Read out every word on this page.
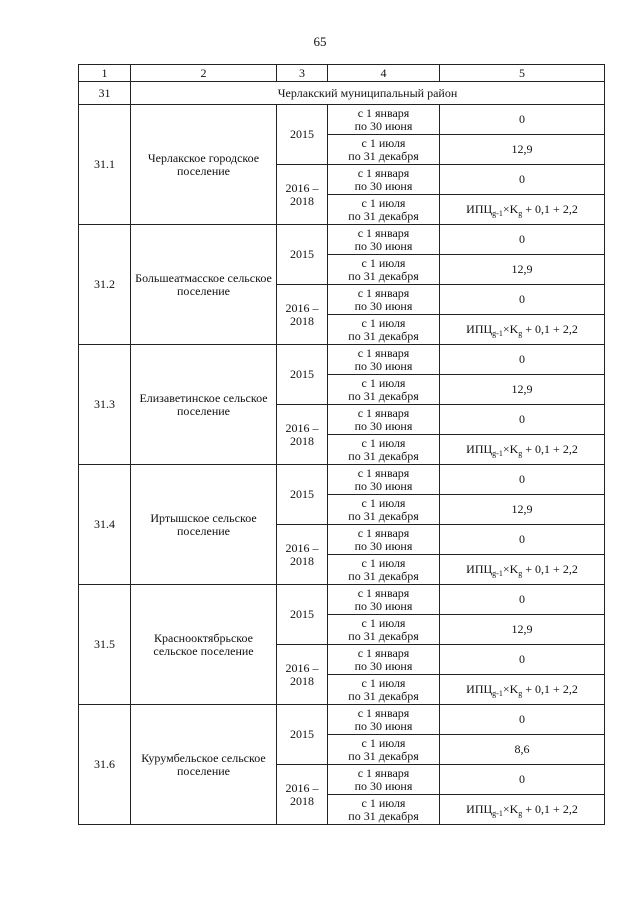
65
1	2	3	4	5
31	Черлакский муниципальный район			
31.1	Черлакское городское поселение	2015	с 1 января
по 30 июня	0

			с 1 июля
по 31 декабря	12,9
		2016 – 2018	с 1 января
по 30 июня	0

			с 1 июля
по 31 декабря	$ИПЦ_{g-1}\times K_g + 0,1 + 2,2$
31.2	Большеатмасское сельское поселение	2015	с 1 января
по 30 июня	0

			с 1 июля
по 31 декабря	12,9
		2016 – 2018	с 1 января
по 30 июня	0

			с 1 июля
по 31 декабря	$ИПЦ_{g-1}\times K_g + 0,1 + 2,2$
31.3	Елизаветинское сельское поселение	2015	с 1 января
по 30 июня	0

			с 1 июля
по 31 декабря	12,9
		2016 – 2018	с 1 января
по 30 июня	0

			с 1 июля
по 31 декабря	$ИПЦ_{g-1}\times K_g + 0,1 + 2,2$
31.4	Иртышское сельское поселение	2015	с 1 января
по 30 июня	0

			с 1 июля
по 31 декабря	12,9
		2016 – 2018	с 1 января
по 30 июня	0

			с 1 июля
по 31 декабря	$ИПЦ_{g-1}\times K_g + 0,1 + 2,2$
31.5	Краснооктябрьское сельское поселение	2015	с 1 января
по 30 июня	0

			с 1 июля
по 31 декабря	12,9
		2016 – 2018	с 1 января
по 30 июня	0

			с 1 июля
по 31 декабря	$ИПЦ_{g-1}\times K_g + 0,1 + 2,2$
31.6	Курумбельское сельское поселение	2015	с 1 января
по 30 июня	0

			с 1 июля
по 31 декабря	8,6
		2016 – 2018	с 1 января
по 30 июня	0

			с 1 июля
по 31 декабря	$ИПЦ_{g-1}\times K_g + 0,1 + 2,2$
